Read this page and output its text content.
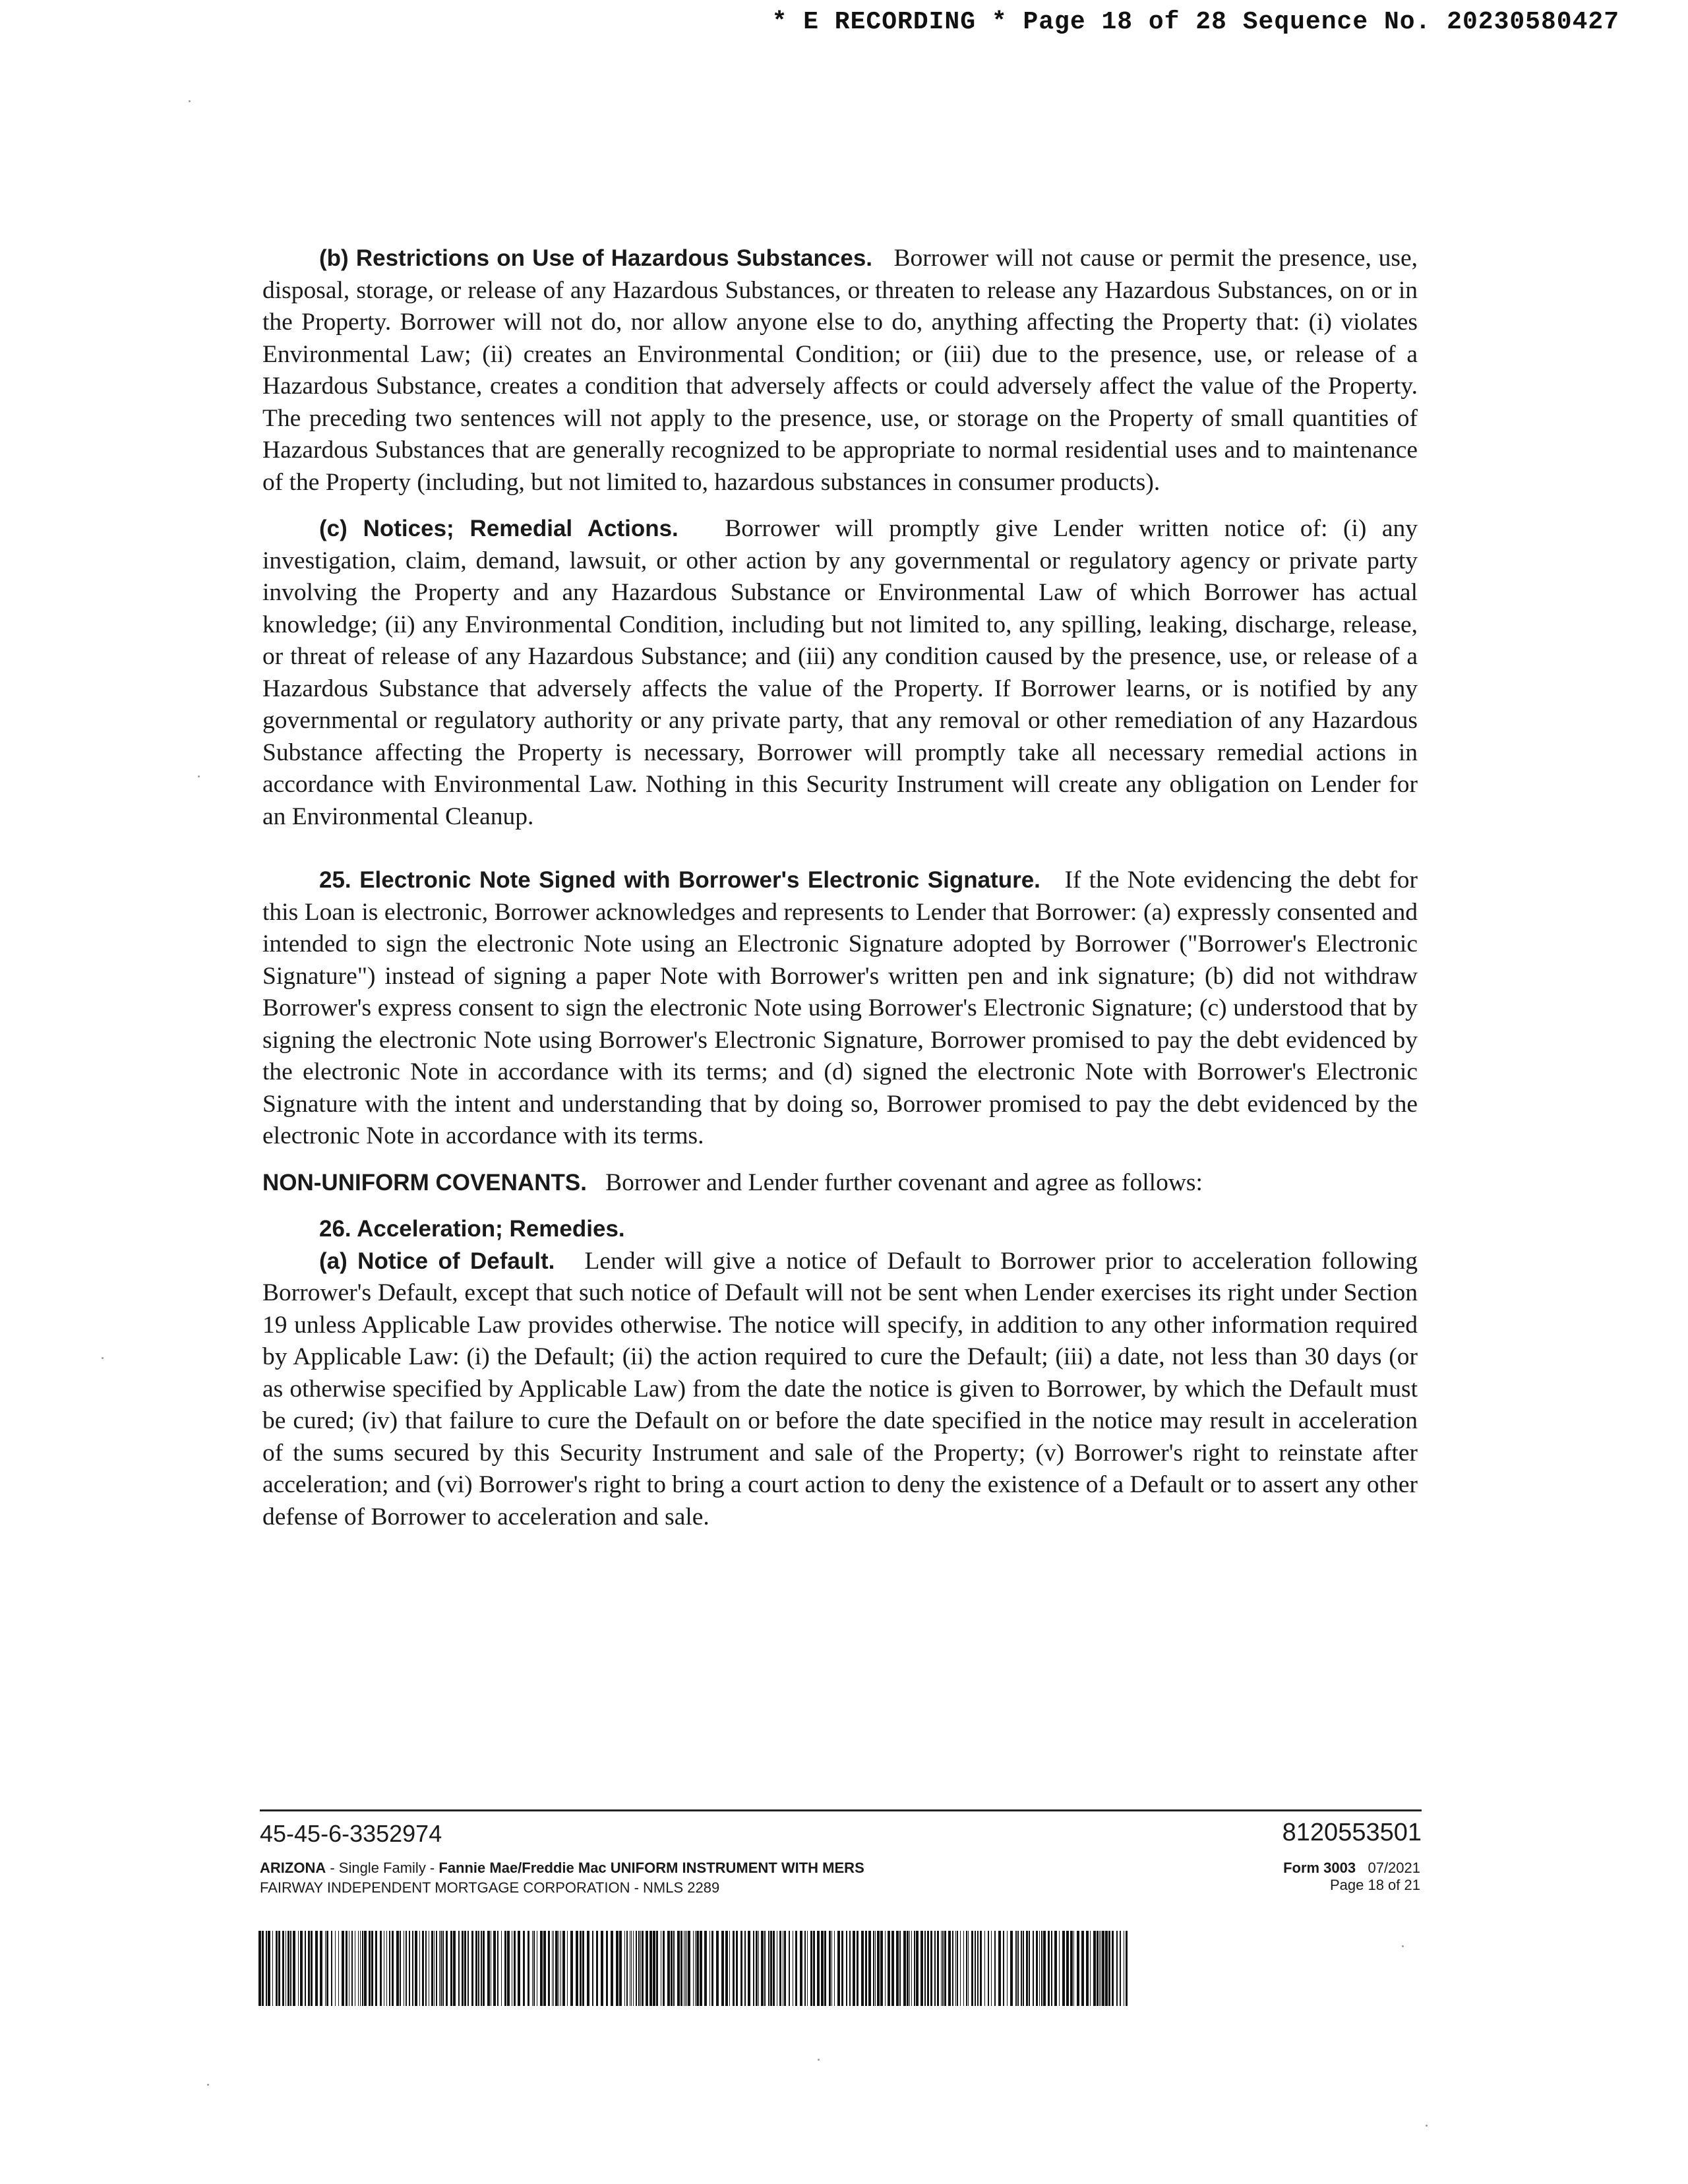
* E RECORDING * Page 18 of 28 Sequence No. 20230580427

(b) Restrictions on Use of Hazardous Substances. Borrower will not cause or permit the presence, use, disposal, storage, or release of any Hazardous Substances, or threaten to release any Hazardous Substances, on or in the Property. Borrower will not do, nor allow anyone else to do, anything affecting the Property that: (i) violates Environmental Law; (ii) creates an Environmental Condition; or (iii) due to the presence, use, or release of a Hazardous Substance, creates a condition that adversely affects or could adversely affect the value of the Property. The preceding two sentences will not apply to the presence, use, or storage on the Property of small quantities of Hazardous Substances that are generally recognized to be appropriate to normal residential uses and to maintenance of the Property (including, but not limited to, hazardous substances in consumer products).

(c) Notices; Remedial Actions. Borrower will promptly give Lender written notice of: (i) any investigation, claim, demand, lawsuit, or other action by any governmental or regulatory agency or private party involving the Property and any Hazardous Substance or Environmental Law of which Borrower has actual knowledge; (ii) any Environmental Condition, including but not limited to, any spilling, leaking, discharge, release, or threat of release of any Hazardous Substance; and (iii) any condition caused by the presence, use, or release of a Hazardous Substance that adversely affects the value of the Property. If Borrower learns, or is notified by any governmental or regulatory authority or any private party, that any removal or other remediation of any Hazardous Substance affecting the Property is necessary, Borrower will promptly take all necessary remedial actions in accordance with Environmental Law. Nothing in this Security Instrument will create any obligation on Lender for an Environmental Cleanup.

25. Electronic Note Signed with Borrower's Electronic Signature. If the Note evidencing the debt for this Loan is electronic, Borrower acknowledges and represents to Lender that Borrower: (a) expressly consented and intended to sign the electronic Note using an Electronic Signature adopted by Borrower ("Borrower's Electronic Signature") instead of signing a paper Note with Borrower's written pen and ink signature; (b) did not withdraw Borrower's express consent to sign the electronic Note using Borrower's Electronic Signature; (c) understood that by signing the electronic Note using Borrower's Electronic Signature, Borrower promised to pay the debt evidenced by the electronic Note in accordance with its terms; and (d) signed the electronic Note with Borrower's Electronic Signature with the intent and understanding that by doing so, Borrower promised to pay the debt evidenced by the electronic Note in accordance with its terms.

NON-UNIFORM COVENANTS. Borrower and Lender further covenant and agree as follows:

26. Acceleration; Remedies.

(a) Notice of Default. Lender will give a notice of Default to Borrower prior to acceleration following Borrower's Default, except that such notice of Default will not be sent when Lender exercises its right under Section 19 unless Applicable Law provides otherwise. The notice will specify, in addition to any other information required by Applicable Law: (i) the Default; (ii) the action required to cure the Default; (iii) a date, not less than 30 days (or as otherwise specified by Applicable Law) from the date the notice is given to Borrower, by which the Default must be cured; (iv) that failure to cure the Default on or before the date specified in the notice may result in acceleration of the sums secured by this Security Instrument and sale of the Property; (v) Borrower's right to reinstate after acceleration; and (vi) Borrower's right to bring a court action to deny the existence of a Default or to assert any other defense of Borrower to acceleration and sale.

45-45-6-3352974	8120553501
ARIZONA - Single Family - Fannie Mae/Freddie Mac UNIFORM INSTRUMENT WITH MERS
FAIRWAY INDEPENDENT MORTGAGE CORPORATION - NMLS 2289
Form 3003 07/2021
Page 18 of 21
